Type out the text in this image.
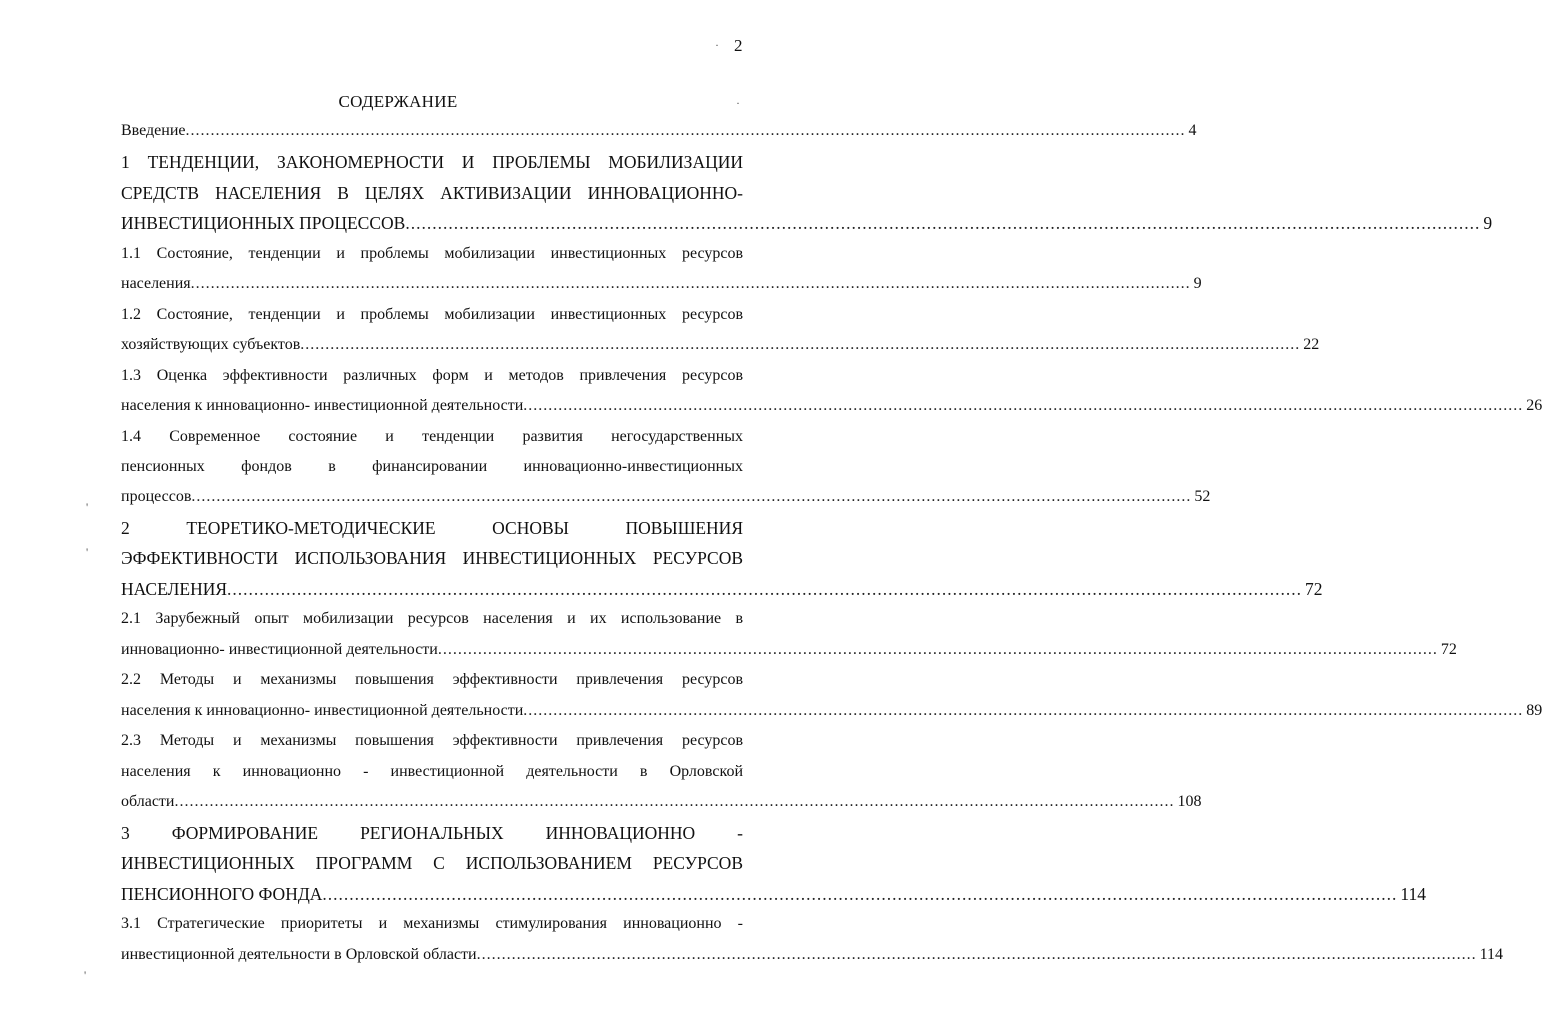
2
СОДЕРЖАНИЕ
Введение ........................................................................................................................................................................................................ 4
1 ТЕНДЕНЦИИ, ЗАКОНОМЕРНОСТИ И ПРОБЛЕМЫ МОБИЛИЗАЦИИ
СРЕДСТВ НАСЕЛЕНИЯ В ЦЕЛЯХ АКТИВИЗАЦИИ ИННОВАЦИОННО-
ИНВЕСТИЦИОННЫХ ПРОЦЕССОВ ........................................................................................................................................................................................................ 9
1.1 Состояние, тенденции и проблемы мобилизации инвестиционных ресурсов
населения ........................................................................................................................................................................................................ 9
1.2 Состояние, тенденции и проблемы мобилизации инвестиционных ресурсов
хозяйствующих субъектов ........................................................................................................................................................................................................ 22
1.3 Оценка эффективности различных форм и методов привлечения ресурсов
населения к инновационно- инвестиционной деятельности ........................................................................................................................................................................................................ 26
1.4 Современное состояние и тенденции развития негосударственных
пенсионных фондов в финансировании инновационно-инвестиционных
процессов ........................................................................................................................................................................................................ 52
2 ТЕОРЕТИКО-МЕТОДИЧЕСКИЕ ОСНОВЫ ПОВЫШЕНИЯ
ЭФФЕКТИВНОСТИ ИСПОЛЬЗОВАНИЯ ИНВЕСТИЦИОННЫХ РЕСУРСОВ
НАСЕЛЕНИЯ ........................................................................................................................................................................................................ 72
2.1 Зарубежный опыт мобилизации ресурсов населения и их использование в
инновационно- инвестиционной деятельности ........................................................................................................................................................................................................ 72
2.2 Методы и механизмы повышения эффективности привлечения ресурсов
населения к инновационно- инвестиционной деятельности ........................................................................................................................................................................................................ 89
2.3 Методы и механизмы повышения эффективности привлечения ресурсов
населения к инновационно - инвестиционной деятельности в Орловской
области ........................................................................................................................................................................................................ 108
3 ФОРМИРОВАНИЕ РЕГИОНАЛЬНЫХ ИННОВАЦИОННО -
ИНВЕСТИЦИОННЫХ ПРОГРАММ С ИСПОЛЬЗОВАНИЕМ РЕСУРСОВ
ПЕНСИОННОГО ФОНДА ........................................................................................................................................................................................................ 114
3.1 Стратегические приоритеты и механизмы стимулирования инновационно -
инвестиционной деятельности в Орловской области ........................................................................................................................................................................................................ 114
·
·
'
'
'
